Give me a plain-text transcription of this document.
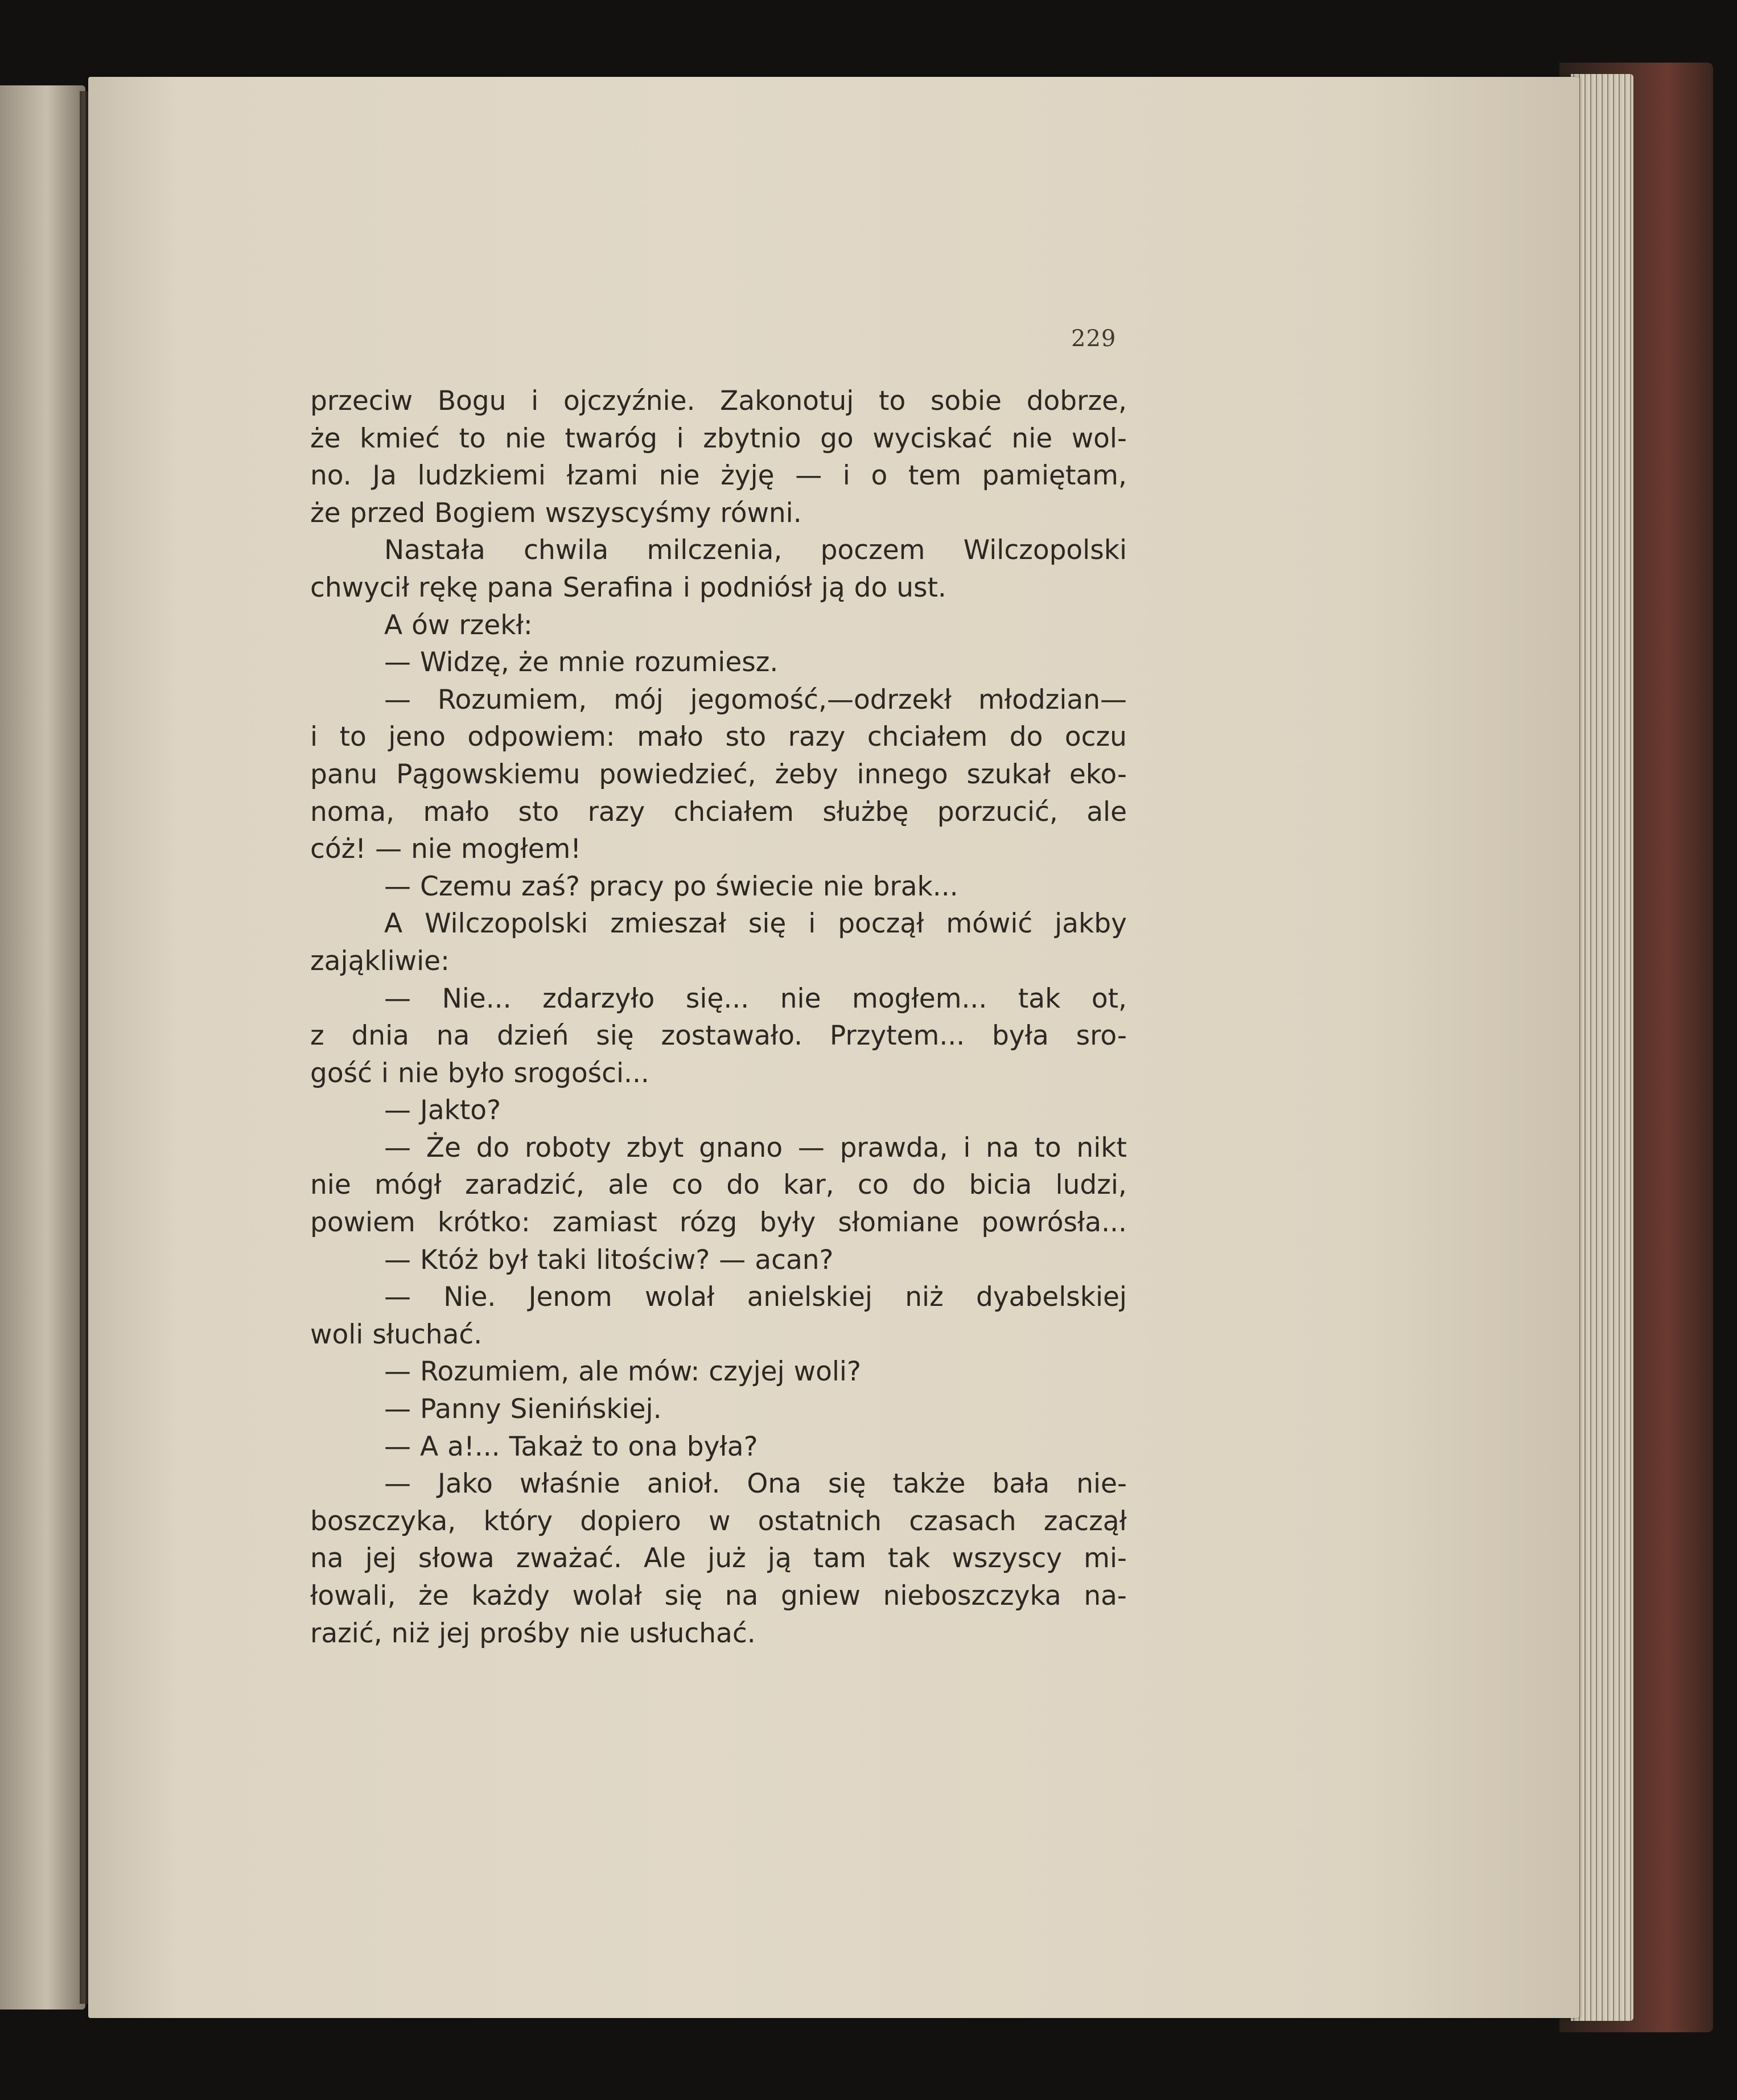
229
przeciw Bogu i ojczyźnie. Zakonotuj to sobie dobrze,
że kmieć to nie twaróg i zbytnio go wyciskać nie wol-
no. Ja ludzkiemi łzami nie żyję — i o tem pamiętam,
że przed Bogiem wszyscyśmy równi.
Nastała chwila milczenia, poczem Wilczopolski
chwycił rękę pana Serafina i podniósł ją do ust.
A ów rzekł:
— Widzę, że mnie rozumiesz.
— Rozumiem, mój jegomość,—odrzekł młodzian—
i to jeno odpowiem: mało sto razy chciałem do oczu
panu Pągowskiemu powiedzieć, żeby innego szukał eko-
noma, mało sto razy chciałem służbę porzucić, ale
cóż! — nie mogłem!
— Czemu zaś? pracy po świecie nie brak...
A Wilczopolski zmieszał się i począł mówić jakby
zająkliwie:
— Nie... zdarzyło się... nie mogłem... tak ot,
z dnia na dzień się zostawało. Przytem... była sro-
gość i nie było srogości...
— Jakto?
— Że do roboty zbyt gnano — prawda, i na to nikt
nie mógł zaradzić, ale co do kar, co do bicia ludzi,
powiem krótko: zamiast rózg były słomiane powrósła...
— Któż był taki litościw? — acan?
— Nie. Jenom wolał anielskiej niż dyabelskiej
woli słuchać.
— Rozumiem, ale mów: czyjej woli?
— Panny Sienińskiej.
— A a!... Takaż to ona była?
— Jako właśnie anioł. Ona się także bała nie-
boszczyka, który dopiero w ostatnich czasach zaczął
na jej słowa zważać. Ale już ją tam tak wszyscy mi-
łowali, że każdy wolał się na gniew nieboszczyka na-
razić, niż jej prośby nie usłuchać.
